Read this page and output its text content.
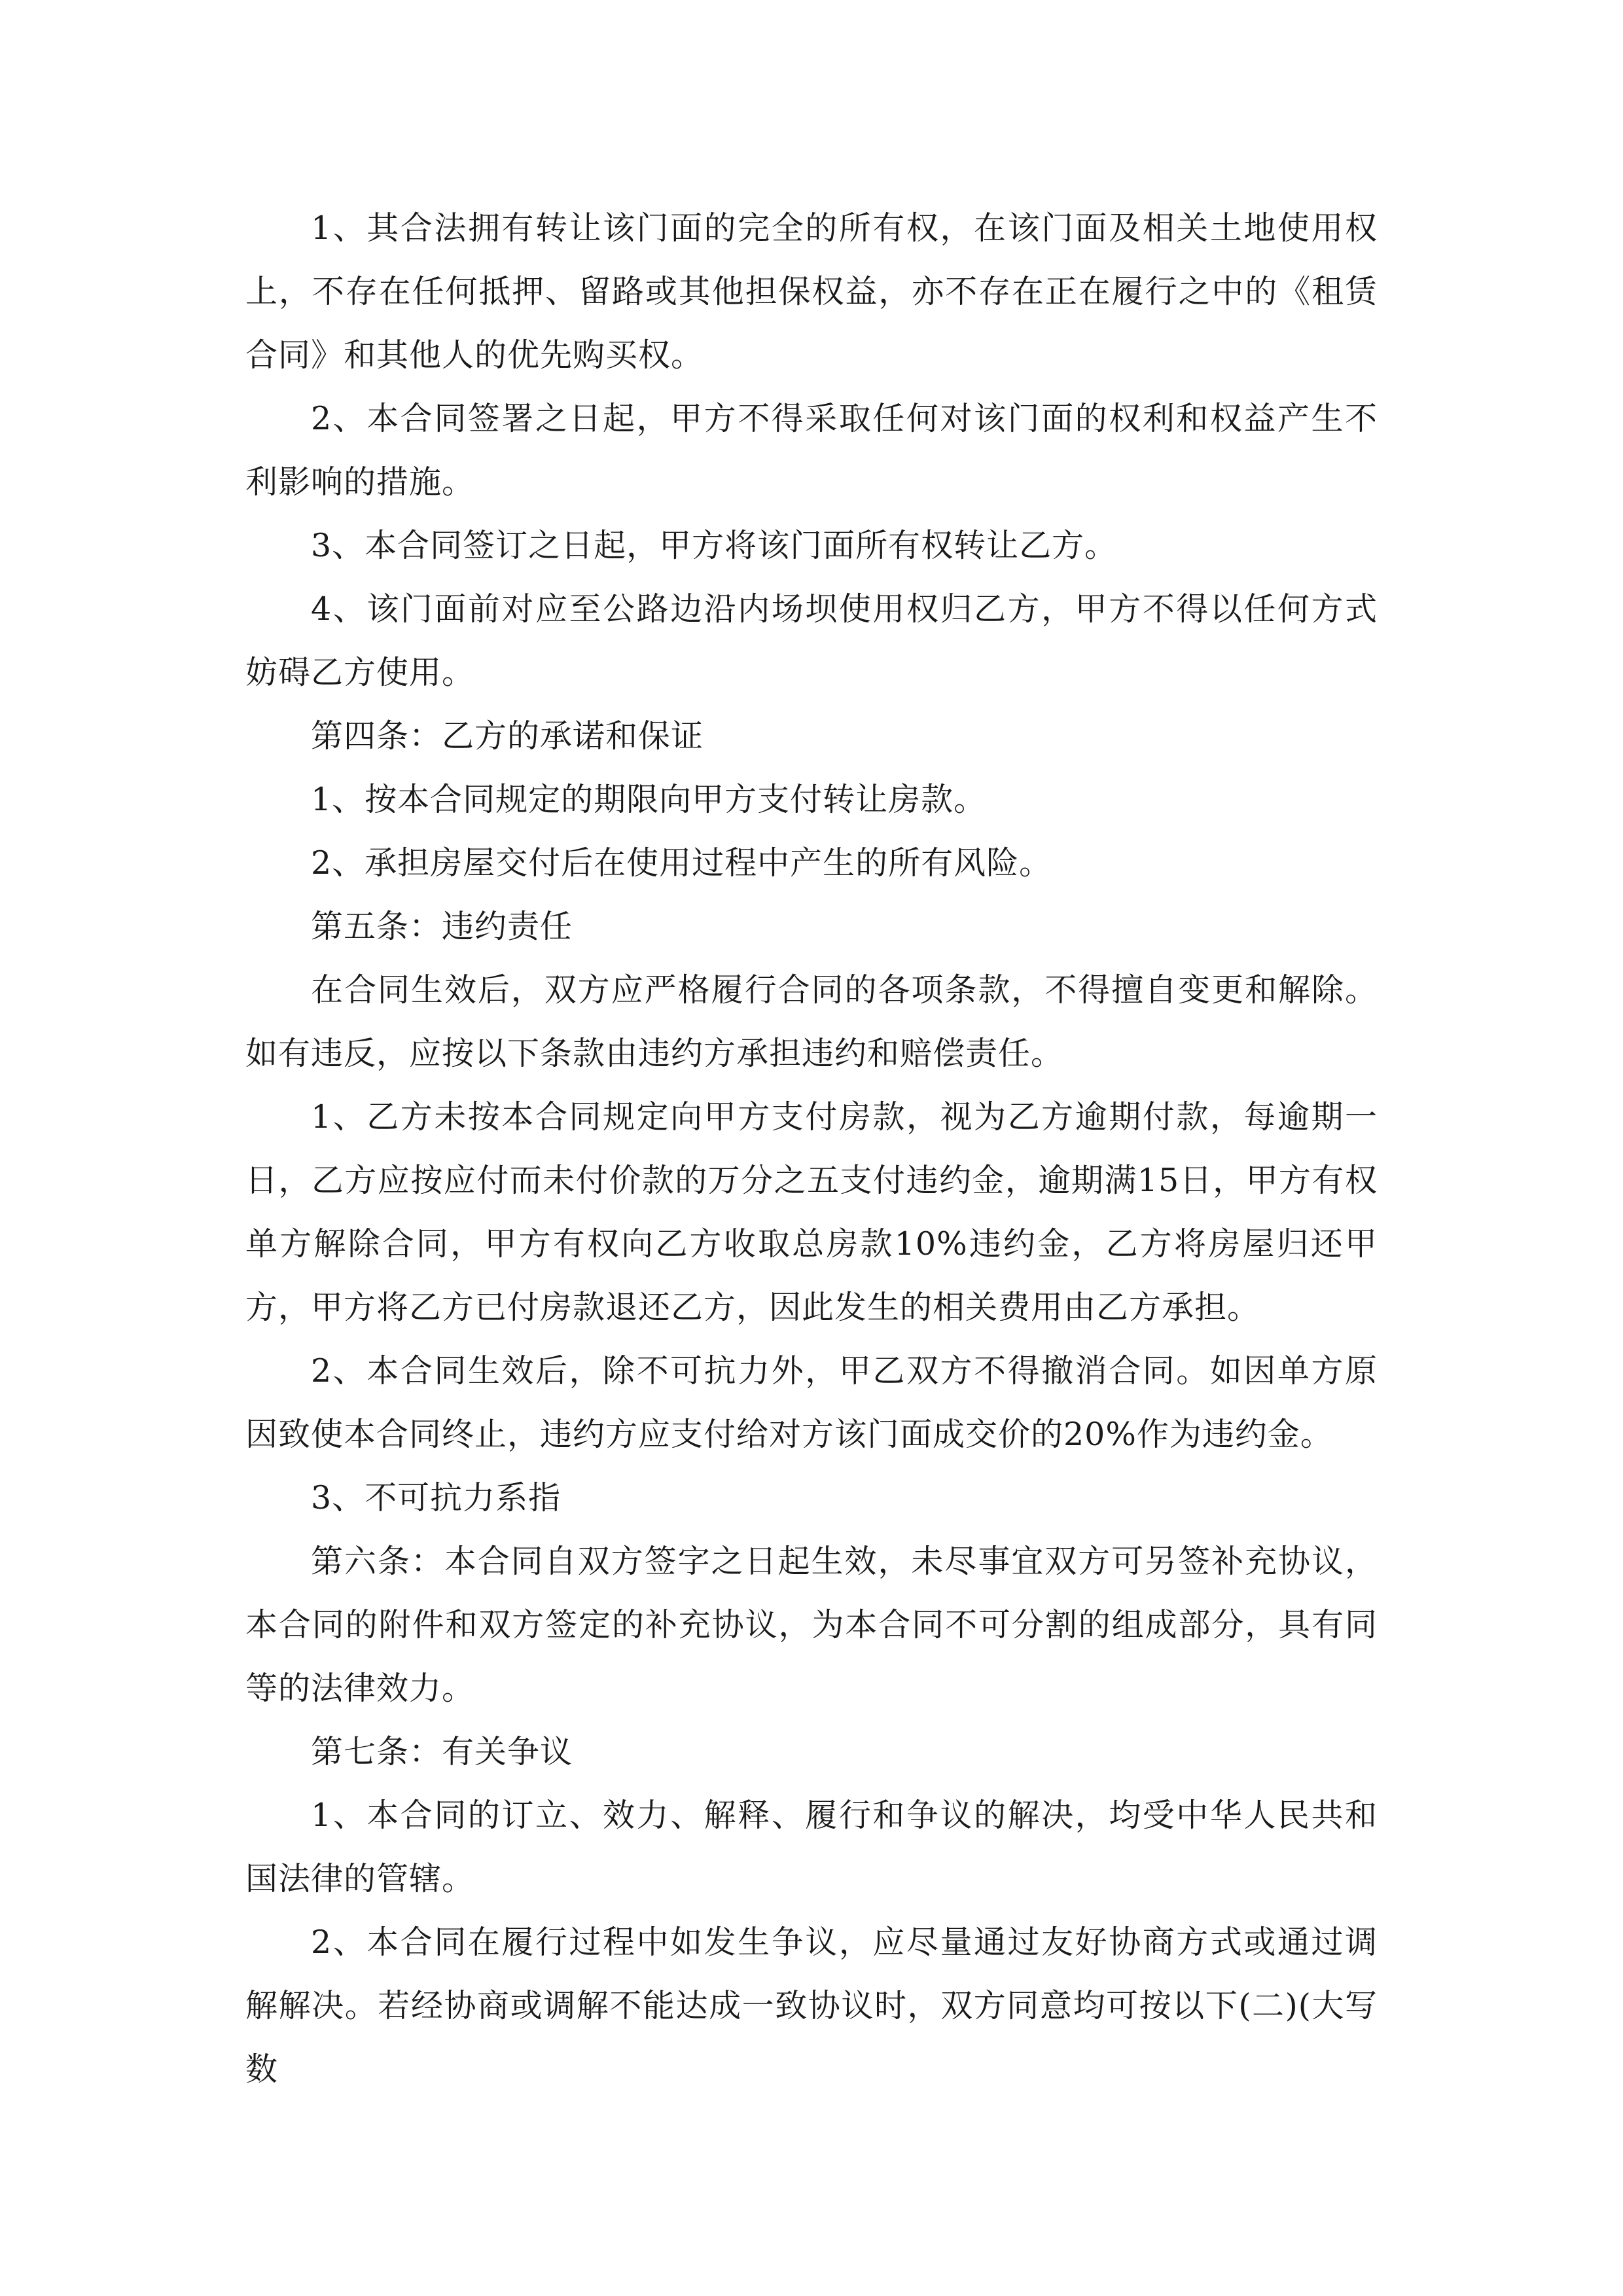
1、其合法拥有转让该门面的完全的所有权，在该门面及相关土地使用权上，不存在任何抵押、留路或其他担保权益，亦不存在正在履行之中的《租赁合同》和其他人的优先购买权。

2、本合同签署之日起，甲方不得采取任何对该门面的权利和权益产生不利影响的措施。

3、本合同签订之日起，甲方将该门面所有权转让乙方。

4、该门面前对应至公路边沿内场坝使用权归乙方，甲方不得以任何方式妨碍乙方使用。

第四条：乙方的承诺和保证

1、按本合同规定的期限向甲方支付转让房款。

2、承担房屋交付后在使用过程中产生的所有风险。

第五条：违约责任

在合同生效后，双方应严格履行合同的各项条款，不得擅自变更和解除。如有违反，应按以下条款由违约方承担违约和赔偿责任。

1、乙方未按本合同规定向甲方支付房款，视为乙方逾期付款，每逾期一日，乙方应按应付而未付价款的万分之五支付违约金，逾期满15日，甲方有权单方解除合同，甲方有权向乙方收取总房款10%违约金，乙方将房屋归还甲方，甲方将乙方已付房款退还乙方，因此发生的相关费用由乙方承担。

2、本合同生效后，除不可抗力外，甲乙双方不得撤消合同。如因单方原因致使本合同终止，违约方应支付给对方该门面成交价的20%作为违约金。

3、不可抗力系指

第六条：本合同自双方签字之日起生效，未尽事宜双方可另签补充协议，本合同的附件和双方签定的补充协议，为本合同不可分割的组成部分，具有同等的法律效力。

第七条：有关争议

1、本合同的订立、效力、解释、履行和争议的解决，均受中华人民共和国法律的管辖。

2、本合同在履行过程中如发生争议，应尽量通过友好协商方式或通过调解解决。若经协商或调解不能达成一致协议时，双方同意均可按以下(二)(大写数
